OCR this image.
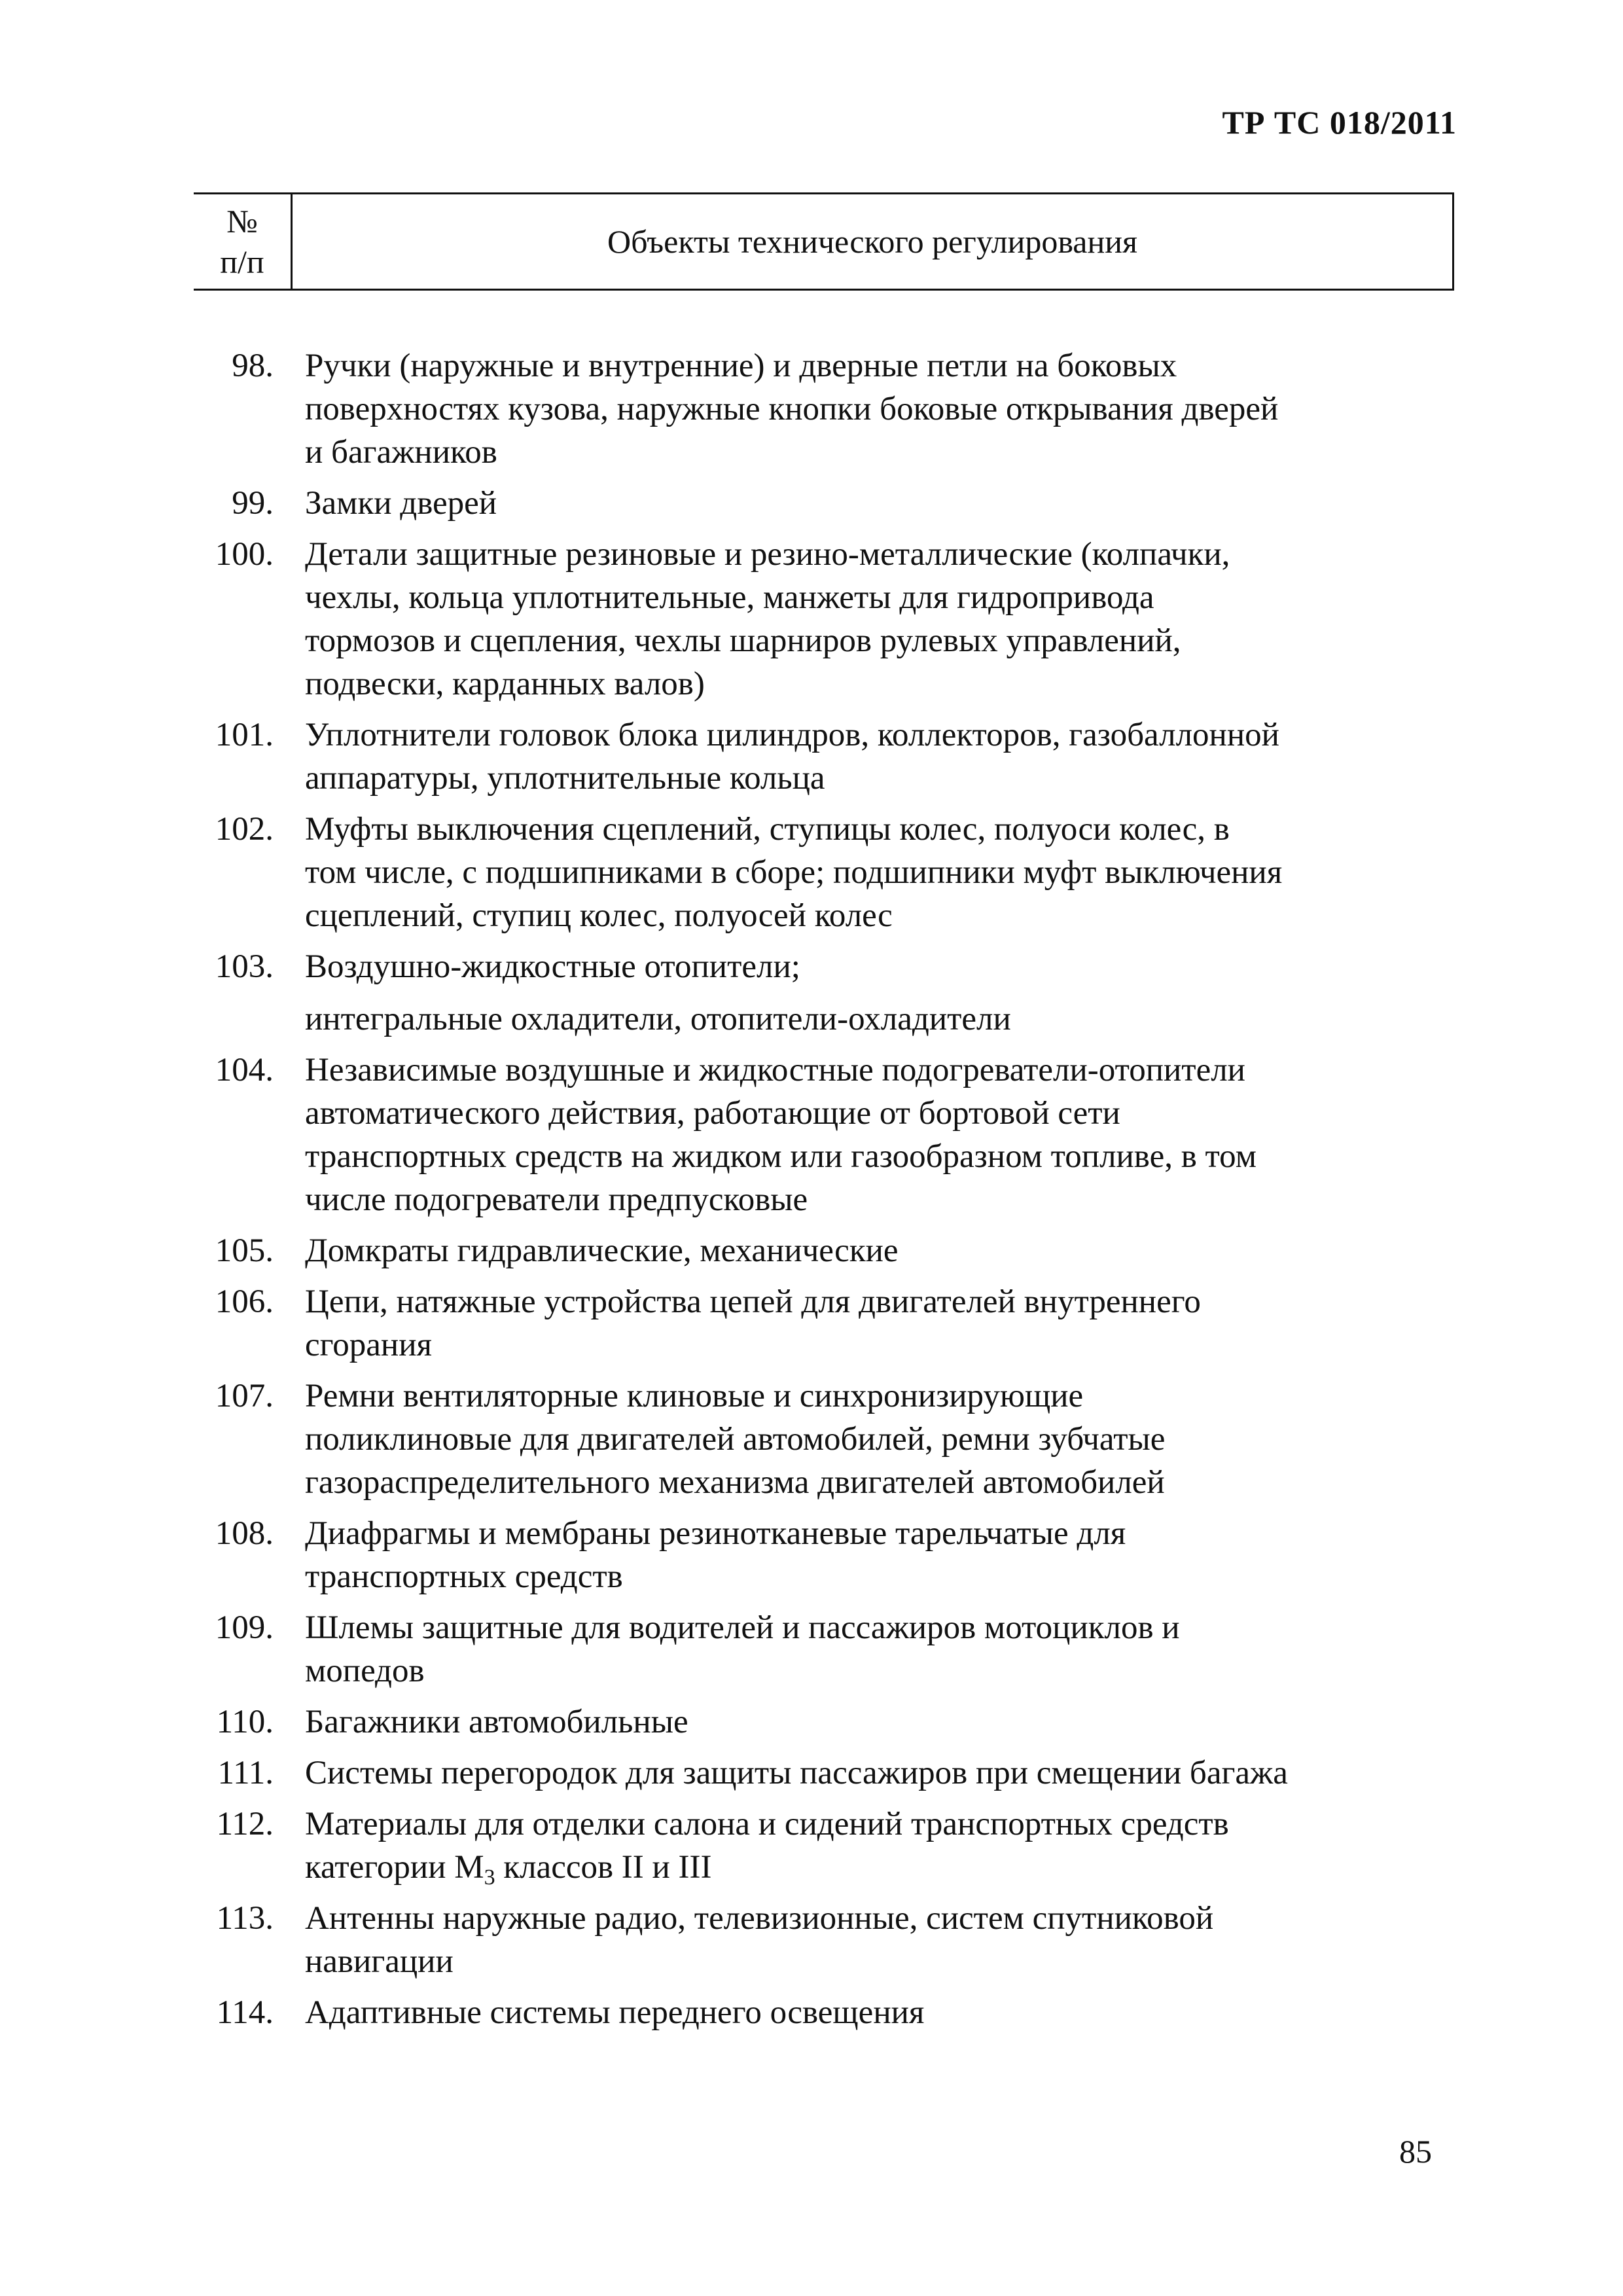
ТР ТС 018/2011
№
п/п
	Объекты технического регулирования
98. Ручки (наружные и внутренние) и дверные петли на боковых
поверхностях кузова, наружные кнопки боковые открывания дверей
и багажников
99. Замки дверей
100. Детали защитные резиновые и резино-металлические (колпачки,
чехлы, кольца уплотнительные, манжеты для гидропривода
тормозов и сцепления, чехлы шарниров рулевых управлений,
подвески, карданных валов)
101. Уплотнители головок блока цилиндров, коллекторов, газобаллонной
аппаратуры, уплотнительные кольца
102. Муфты выключения сцеплений, ступицы колес, полуоси колес, в
том числе, с подшипниками в сборе; подшипники муфт выключения
сцеплений, ступиц колес, полуосей колес
103. Воздушно-жидкостные отопители;
интегральные охладители, отопители-охладители
104. Независимые воздушные и жидкостные подогреватели-отопители
автоматического действия, работающие от бортовой сети
транспортных средств на жидком или газообразном топливе, в том
числе подогреватели предпусковые
105. Домкраты гидравлические, механические
106. Цепи, натяжные устройства цепей для двигателей внутреннего
сгорания
107. Ремни вентиляторные клиновые и синхронизирующие
поликлиновые для двигателей автомобилей, ремни зубчатые
газораспределительного механизма двигателей автомобилей
108. Диафрагмы и мембраны резинотканевые тарельчатые для
транспортных средств
109. Шлемы защитные для водителей и пассажиров мотоциклов и
мопедов
110. Багажники автомобильные
111. Системы перегородок для защиты пассажиров при смещении багажа
112. Материалы для отделки салона и сидений транспортных средств
категории $М_3$ классов II и III
113. Антенны наружные радио, телевизионные, систем спутниковой
навигации
114. Адаптивные системы переднего освещения
85
